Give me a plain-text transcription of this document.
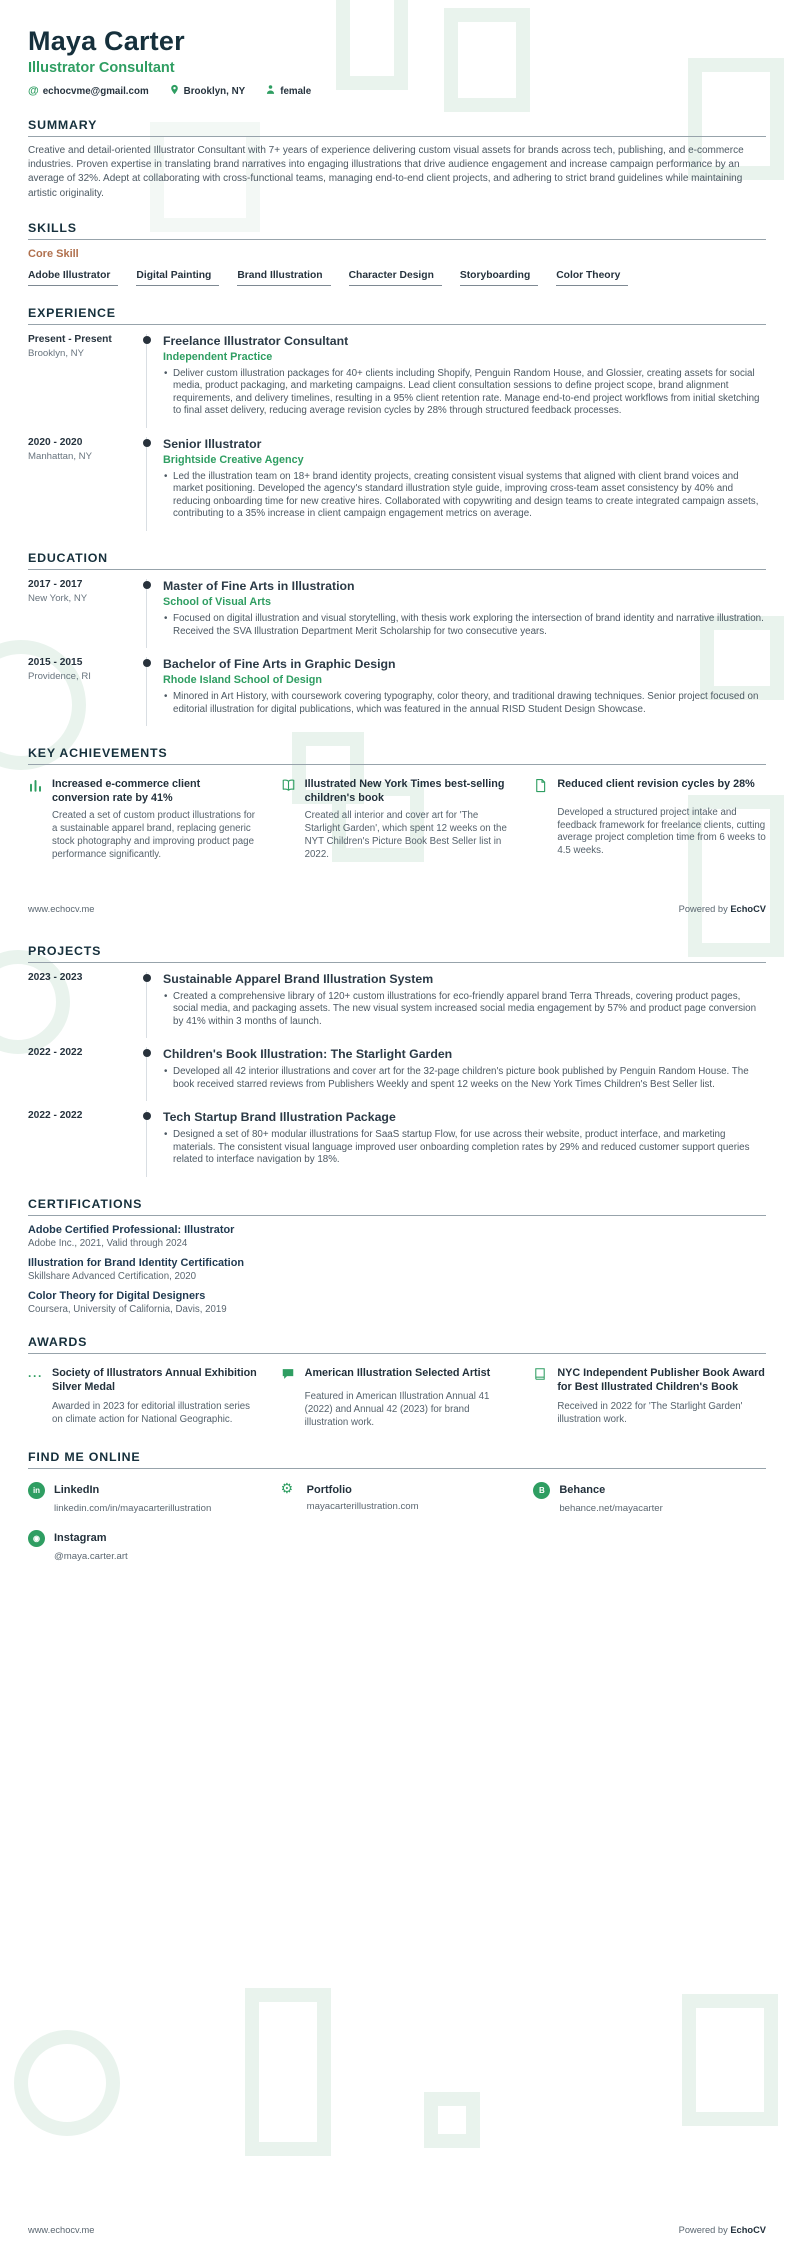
Maya Carter
Illustrator Consultant
@ echocvme@gmail.com	Brooklyn, NY	female
SUMMARY

Creative and detail-oriented Illustrator Consultant with 7+ years of experience delivering custom visual assets for brands across tech, publishing, and e-commerce industries. Proven expertise in translating brand narratives into engaging illustrations that drive audience engagement and increase campaign performance by an average of 32%. Adept at collaborating with cross-functional teams, managing end-to-end client projects, and adhering to strict brand guidelines while maintaining artistic originality.

SKILLS
Core Skill
Adobe Illustrator	Digital Painting	Brand Illustration	Character Design	Storyboarding	Color Theory
EXPERIENCE
Present - Present
Brooklyn, NY
Freelance Illustrator Consultant
Independent Practice
• Deliver custom illustration packages for 40+ clients including Shopify, Penguin Random House, and Glossier, creating assets for social media, product packaging, and marketing campaigns. Lead client consultation sessions to define project scope, brand alignment requirements, and delivery timelines, resulting in a 95% client retention rate. Manage end-to-end project workflows from initial sketching to final asset delivery, reducing average revision cycles by 28% through structured feedback processes.
2020 - 2020
Manhattan, NY
Senior Illustrator
Brightside Creative Agency
• Led the illustration team on 18+ brand identity projects, creating consistent visual systems that aligned with client brand voices and market positioning. Developed the agency's standard illustration style guide, improving cross-team asset consistency by 40% and reducing onboarding time for new creative hires. Collaborated with copywriting and design teams to create integrated campaign assets, contributing to a 35% increase in client campaign engagement metrics on average.
EDUCATION
2017 - 2017
New York, NY
Master of Fine Arts in Illustration
School of Visual Arts
• Focused on digital illustration and visual storytelling, with thesis work exploring the intersection of brand identity and narrative illustration. Received the SVA Illustration Department Merit Scholarship for two consecutive years.
2015 - 2015
Providence, RI
Bachelor of Fine Arts in Graphic Design
Rhode Island School of Design
• Minored in Art History, with coursework covering typography, color theory, and traditional drawing techniques. Senior project focused on editorial illustration for digital publications, which was featured in the annual RISD Student Design Showcase.
KEY ACHIEVEMENTS
Increased e-commerce client conversion rate by 41%
Created a set of custom product illustrations for a sustainable apparel brand, replacing generic stock photography and improving product page performance significantly.
Illustrated New York Times best-selling children's book
Created all interior and cover art for 'The Starlight Garden', which spent 12 weeks on the NYT Children's Picture Book Best Seller list in 2022.
Reduced client revision cycles by 28%
Developed a structured project intake and feedback framework for freelance clients, cutting average project completion time from 6 weeks to 4.5 weeks.
www.echocv.me	Powered by EchoCV
PROJECTS
2023 - 2023	Sustainable Apparel Brand Illustration System
• Created a comprehensive library of 120+ custom illustrations for eco-friendly apparel brand Terra Threads, covering product pages, social media, and packaging assets. The new visual system increased social media engagement by 57% and product page conversion by 41% within 3 months of launch.
2022 - 2022	Children's Book Illustration: The Starlight Garden
• Developed all 42 interior illustrations and cover art for the 32-page children's picture book published by Penguin Random House. The book received starred reviews from Publishers Weekly and spent 12 weeks on the New York Times Children's Best Seller list.
2022 - 2022	Tech Startup Brand Illustration Package
• Designed a set of 80+ modular illustrations for SaaS startup Flow, for use across their website, product interface, and marketing materials. The consistent visual language improved user onboarding completion rates by 29% and reduced customer support queries related to interface navigation by 18%.
CERTIFICATIONS
Adobe Certified Professional: Illustrator
Adobe Inc., 2021, Valid through 2024
Illustration for Brand Identity Certification
Skillshare Advanced Certification, 2020
Color Theory for Digital Designers
Coursera, University of California, Davis, 2019
AWARDS
··· Society of Illustrators Annual Exhibition Silver Medal
Awarded in 2023 for editorial illustration series on climate action for National Geographic.
American Illustration Selected Artist
Featured in American Illustration Annual 41 (2022) and Annual 42 (2023) for brand illustration work.
NYC Independent Publisher Book Award for Best Illustrated Children's Book
Received in 2022 for 'The Starlight Garden' illustration work.
FIND ME ONLINE
in	LinkedIn
linkedin.com/in/mayacarterillustration
⚙	Portfolio
mayacarterillustration.com
B	Behance
behance.net/mayacarter
◉	Instagram
@maya.carter.art
www.echocv.me	Powered by EchoCV
